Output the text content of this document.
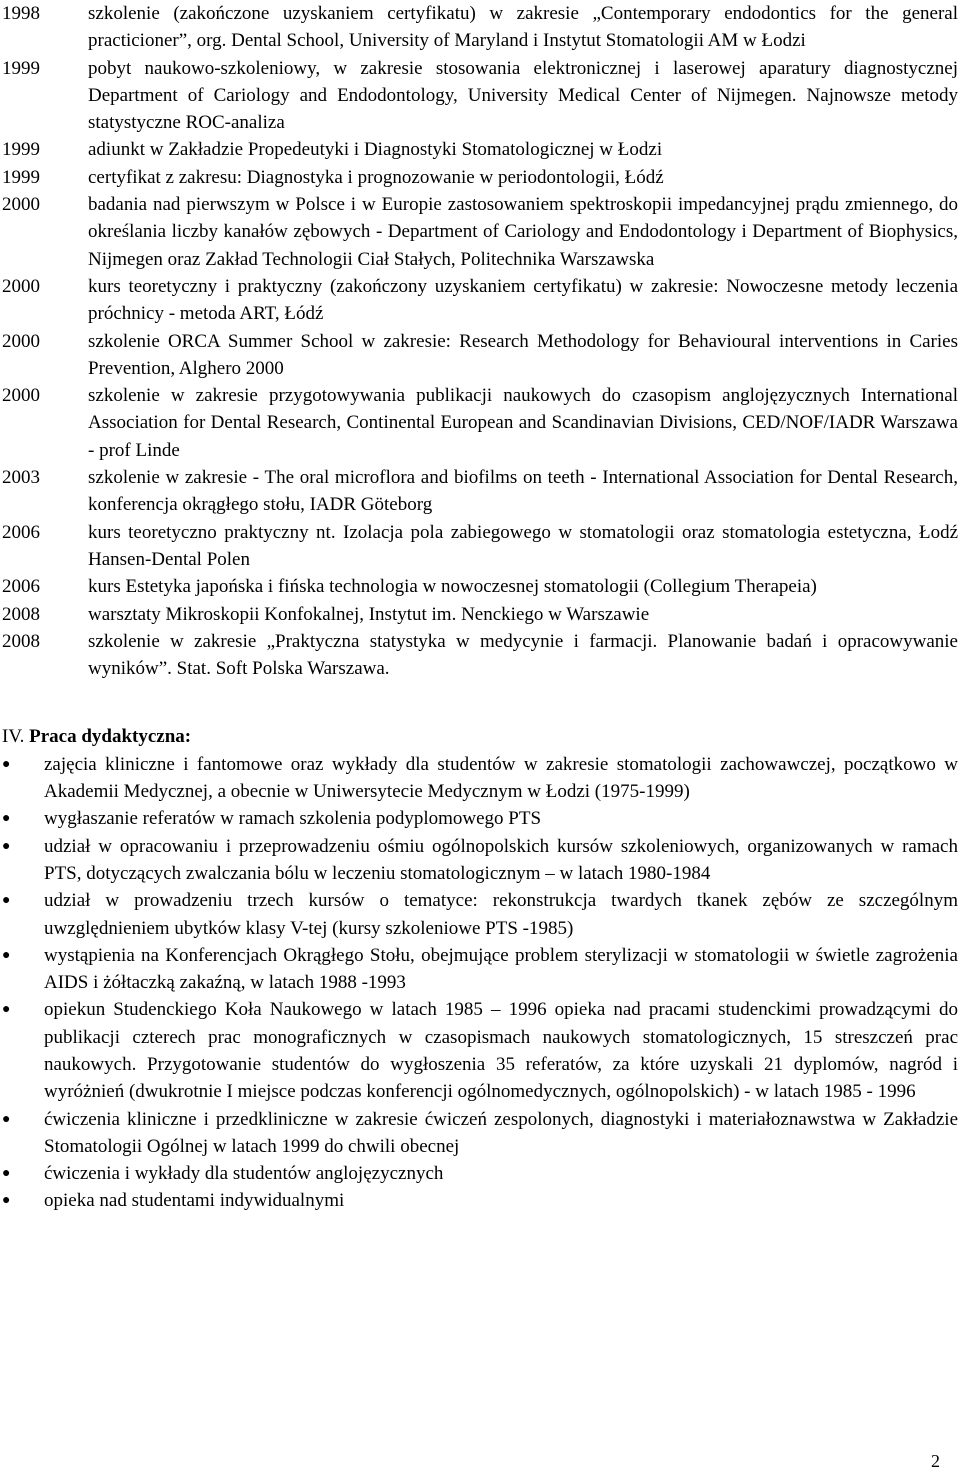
1998	szkolenie (zakończone uzyskaniem certyfikatu) w zakresie „Contemporary endodontics for the general practicioner”, org. Dental School, University of Maryland i Instytut Stomatologii AM w Łodzi
1999	pobyt naukowo-szkoleniowy, w zakresie stosowania elektronicznej i laserowej aparatury diagnostycznej Department of Cariology and Endodontology, University Medical Center of Nijmegen. Najnowsze metody statystyczne ROC-analiza
1999	adiunkt w Zakładzie Propedeutyki i Diagnostyki Stomatologicznej w Łodzi
1999	certyfikat z zakresu: Diagnostyka i prognozowanie w periodontologii, Łódź
2000	badania nad pierwszym w Polsce i w Europie zastosowaniem spektroskopii impedancyjnej prądu zmiennego, do określania liczby kanałów zębowych - Department of Cariology and Endodontology i Department of Biophysics, Nijmegen oraz Zakład Technologii Ciał Stałych, Politechnika Warszawska
2000	kurs teoretyczny i praktyczny (zakończony uzyskaniem certyfikatu) w zakresie: Nowoczesne metody leczenia próchnicy - metoda ART, Łódź
2000	szkolenie ORCA Summer School w zakresie: Research Methodology for Behavioural interventions in Caries Prevention, Alghero 2000
2000	szkolenie w zakresie przygotowywania publikacji naukowych do czasopism anglojęzycznych International Association for Dental Research, Continental European and Scandinavian Divisions, CED/NOF/IADR Warszawa - prof Linde
2003	szkolenie w zakresie - The oral microflora and biofilms on teeth - International Association for Dental Research, konferencja okrągłego stołu, IADR Göteborg
2006	kurs teoretyczno praktyczny nt. Izolacja pola zabiegowego w stomatologii oraz stomatologia estetyczna, Łodź Hansen-Dental Polen
2006	kurs Estetyka japońska i fińska technologia w nowoczesnej stomatologii (Collegium Therapeia)
2008	warsztaty Mikroskopii Konfokalnej, Instytut im. Nenckiego w Warszawie
2008	szkolenie w zakresie „Praktyczna statystyka w medycynie i farmacji. Planowanie badań i opracowywanie wyników”. Stat. Soft Polska Warszawa.
IV. Praca dydaktyczna:
●	zajęcia kliniczne i fantomowe oraz wykłady dla studentów w zakresie stomatologii zachowawczej, początkowo w Akademii Medycznej, a obecnie w Uniwersytecie Medycznym w Łodzi (1975-1999)
●	wygłaszanie referatów w ramach szkolenia podyplomowego PTS
●	udział w opracowaniu i przeprowadzeniu ośmiu ogólnopolskich kursów szkoleniowych, organizowanych w ramach PTS, dotyczących zwalczania bólu w leczeniu stomatologicznym – w latach 1980-1984
●	udział w prowadzeniu trzech kursów o tematyce: rekonstrukcja twardych tkanek zębów ze szczególnym uwzględnieniem ubytków klasy V-tej (kursy szkoleniowe PTS -1985)
●	wystąpienia na Konferencjach Okrągłego Stołu, obejmujące problem sterylizacji w stomatologii w świetle zagrożenia AIDS i żółtaczką zakaźną, w latach 1988 -1993
●	opiekun Studenckiego Koła Naukowego w latach 1985 – 1996 opieka nad pracami studenckimi prowadzącymi do publikacji czterech prac monograficznych w czasopismach naukowych stomatologicznych, 15 streszczeń prac naukowych. Przygotowanie studentów do wygłoszenia 35 referatów, za które uzyskali 21 dyplomów, nagród i wyróżnień (dwukrotnie I miejsce podczas konferencji ogólnomedycznych, ogólnopolskich) - w latach 1985 - 1996
●	ćwiczenia kliniczne i przedkliniczne w zakresie ćwiczeń zespolonych, diagnostyki i materiałoznawstwa w Zakładzie Stomatologii Ogólnej w latach 1999 do chwili obecnej
●	ćwiczenia i wykłady dla studentów anglojęzycznych
●	opieka nad studentami indywidualnymi
2
